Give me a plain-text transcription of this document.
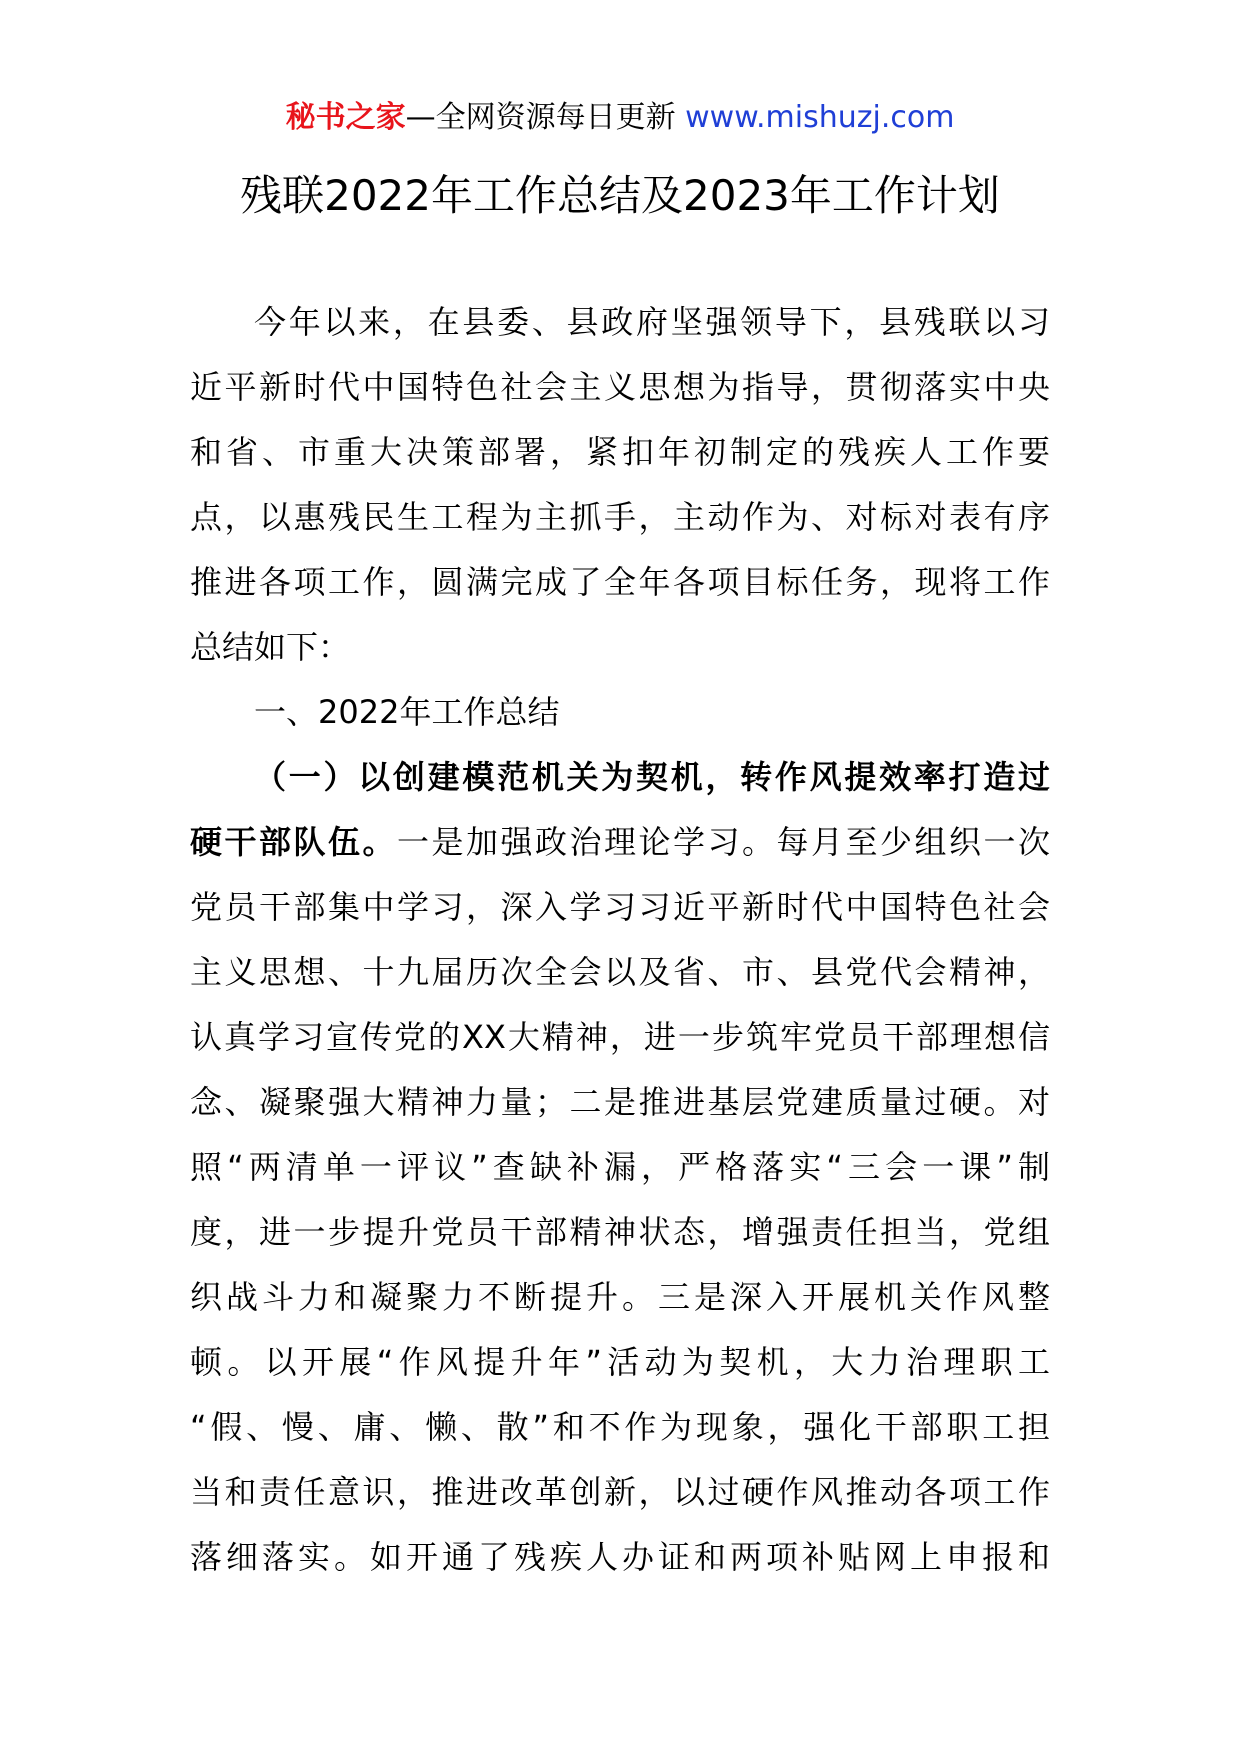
秘书之家—全网资源每日更新 www.mishuzj.com
残联2022年工作总结及2023年工作计划
今年以来，在县委、县政府坚强领导下，县残联以习
近平新时代中国特色社会主义思想为指导，贯彻落实中央
和省、市重大决策部署，紧扣年初制定的残疾人工作要
点，以惠残民生工程为主抓手，主动作为、对标对表有序
推进各项工作，圆满完成了全年各项目标任务，现将工作
总结如下：
一、2022年工作总结
（一）以创建模范机关为契机，转作风提效率打造过
硬干部队伍。一是加强政治理论学习。每月至少组织一次
党员干部集中学习，深入学习习近平新时代中国特色社会
主义思想、十九届历次全会以及省、市、县党代会精神，
认真学习宣传党的XX大精神，进一步筑牢党员干部理想信
念、凝聚强大精神力量；二是推进基层党建质量过硬。对
照“两清单一评议”查缺补漏，严格落实“三会一课”制
度，进一步提升党员干部精神状态，增强责任担当，党组
织战斗力和凝聚力不断提升。三是深入开展机关作风整
顿。以开展“作风提升年”活动为契机，大力治理职工
“假、慢、庸、懒、散”和不作为现象，强化干部职工担
当和责任意识，推进改革创新，以过硬作风推动各项工作
落细落实。如开通了残疾人办证和两项补贴网上申报和
